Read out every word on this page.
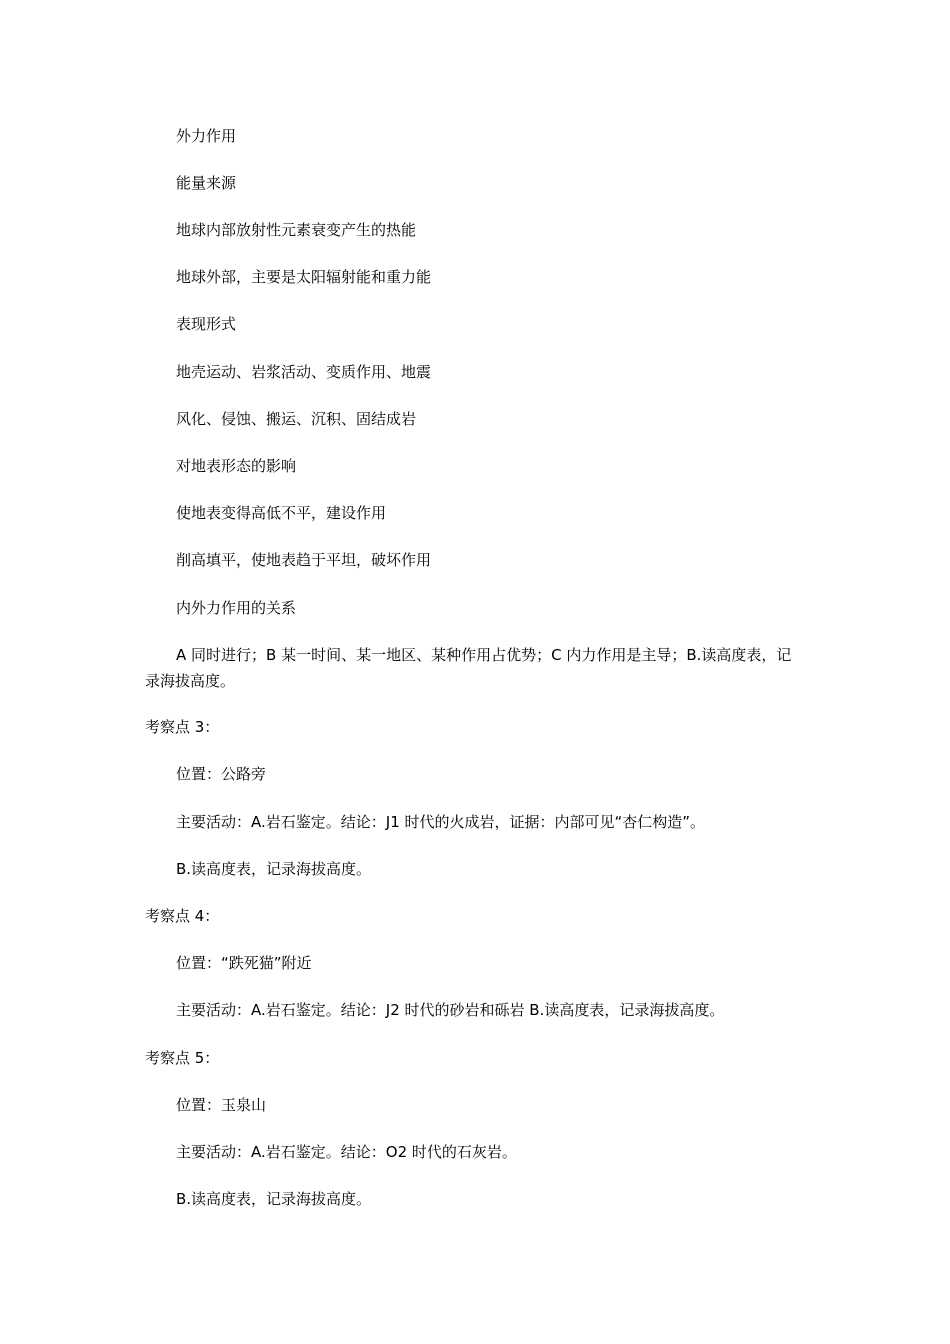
外力作用

能量来源

地球内部放射性元素衰变产生的热能

地球外部，主要是太阳辐射能和重力能

表现形式

地壳运动、岩浆活动、变质作用、地震

风化、侵蚀、搬运、沉积、固结成岩

对地表形态的影响

使地表变得高低不平，建设作用

削高填平，使地表趋于平坦，破坏作用

内外力作用的关系

A 同时进行；B 某一时间、某一地区、某种作用占优势；C 内力作用是主导；B.读高度表，记录海拔高度。

考察点 3：

位置：公路旁

主要活动：A.岩石鉴定。结论：J1 时代的火成岩，证据：内部可见“杏仁构造”。

B.读高度表，记录海拔高度。

考察点 4：

位置：“跌死猫”附近

主要活动：A.岩石鉴定。结论：J2 时代的砂岩和砾岩 B.读高度表，记录海拔高度。

考察点 5：

位置：玉泉山

主要活动：A.岩石鉴定。结论：O2 时代的石灰岩。

B.读高度表，记录海拔高度。
